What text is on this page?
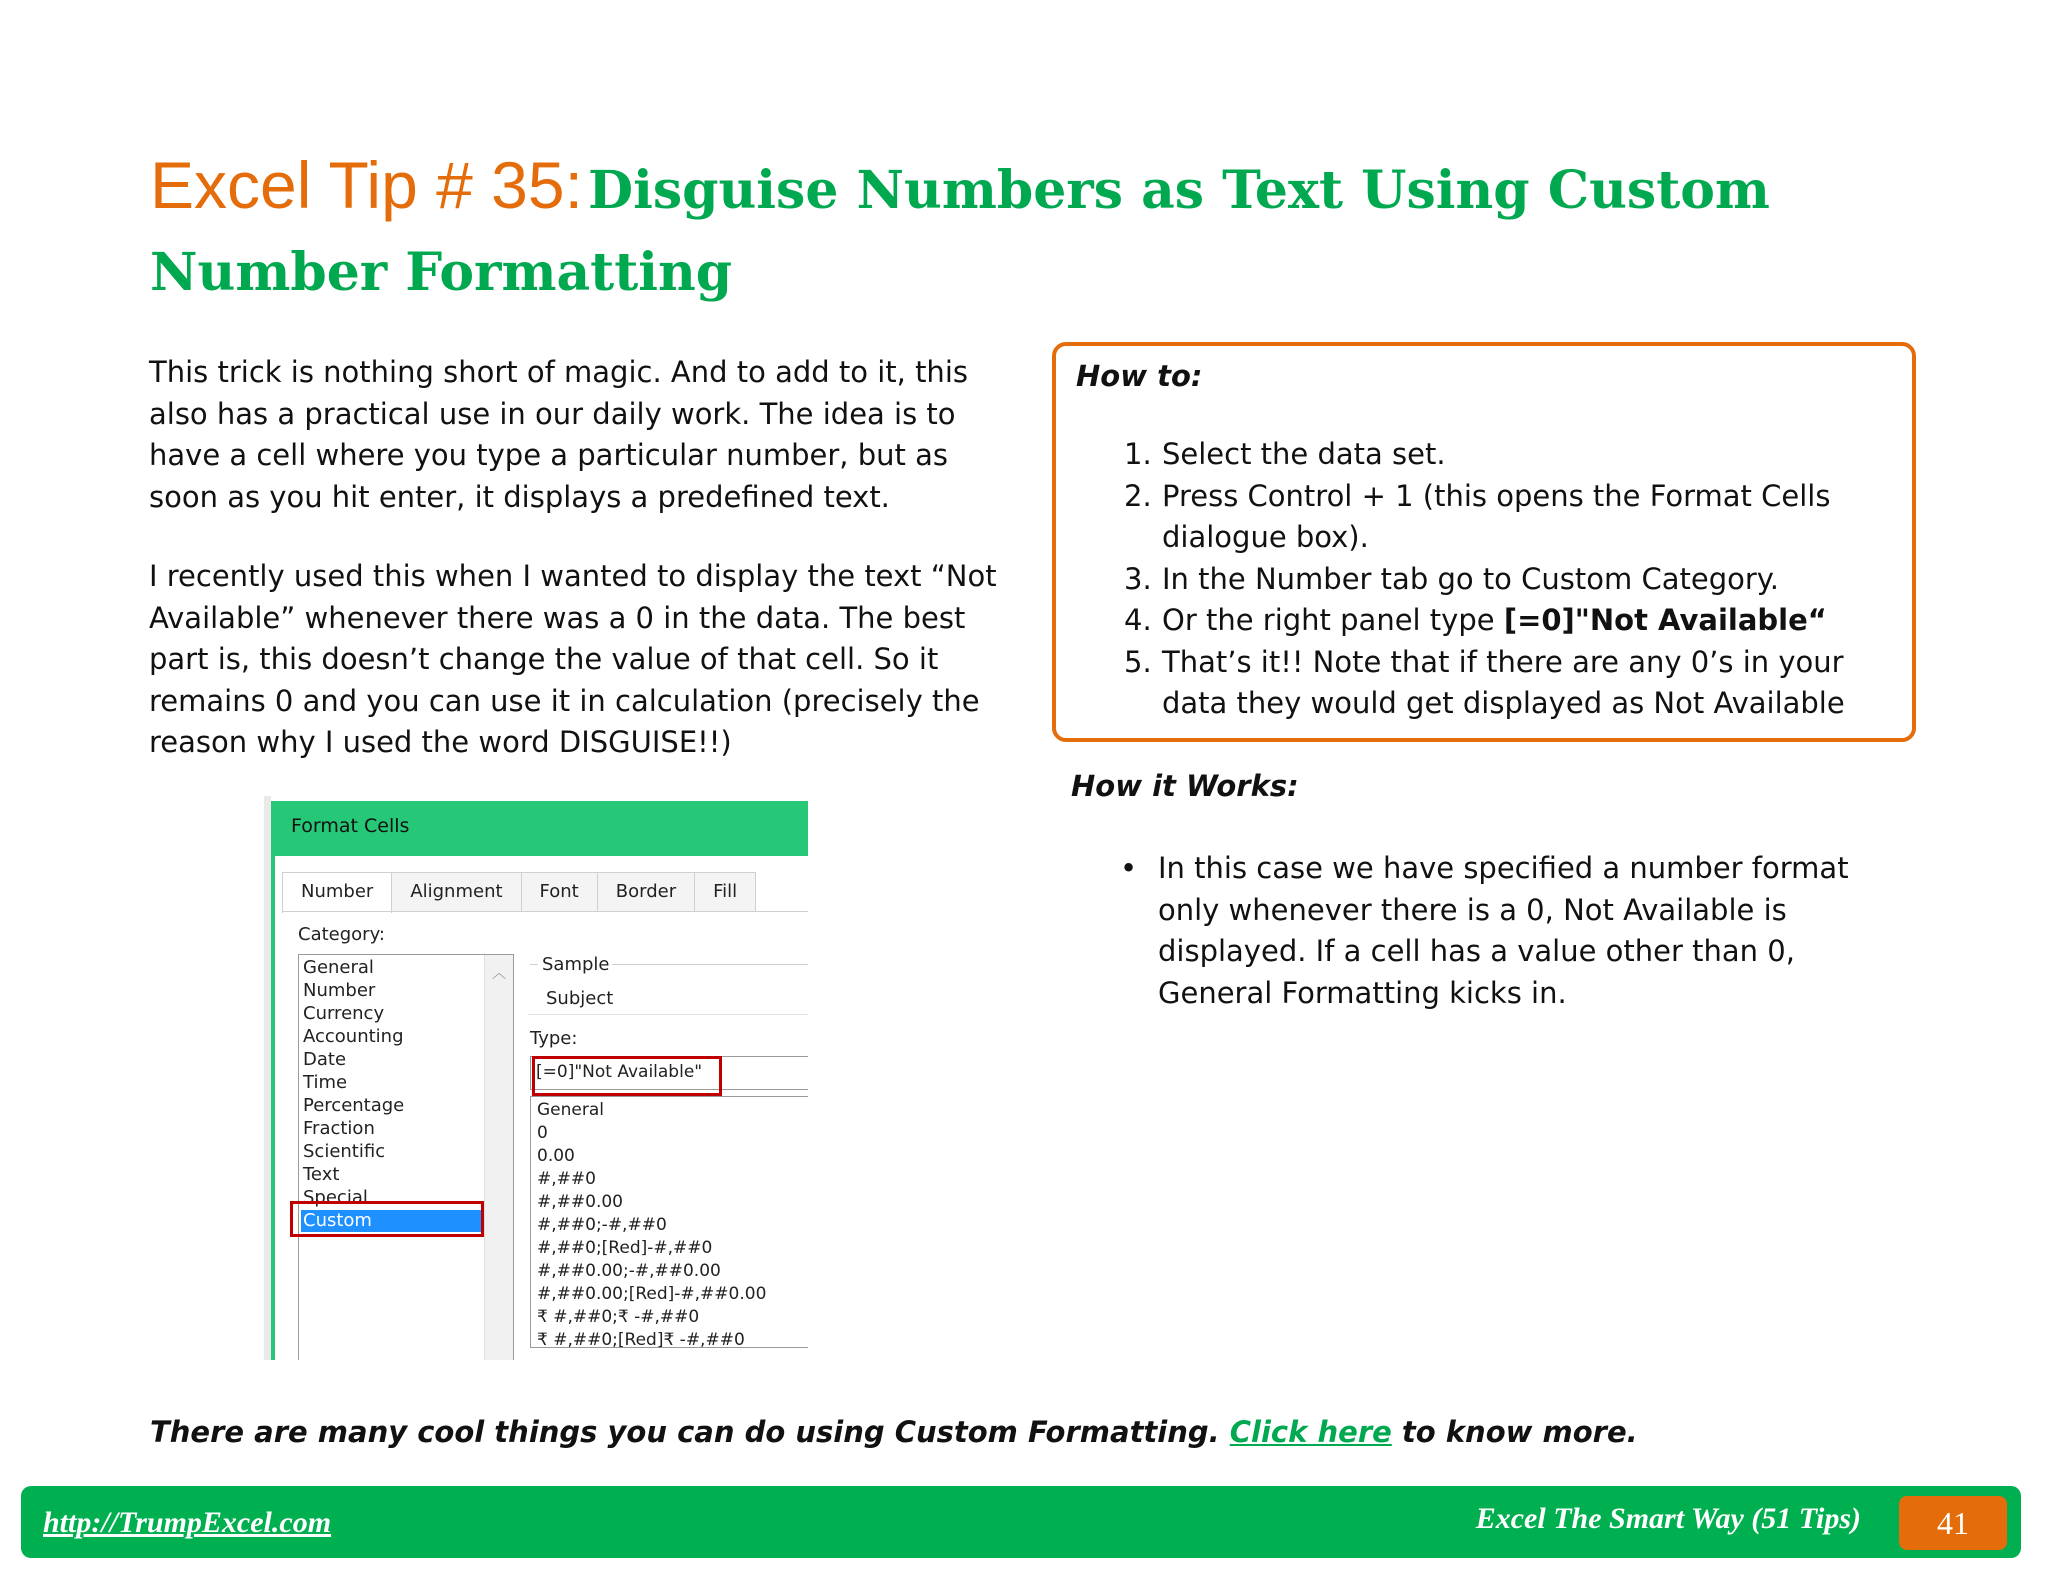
Excel Tip # 35: Disguise Numbers as Text Using Custom Number Formatting

This trick is nothing short of magic. And to add to it, this also has a practical use in our daily work. The idea is to have a cell where you type a particular number, but as soon as you hit enter, it displays a predefined text.

I recently used this when I wanted to display the text “Not Available” whenever there was a 0 in the data. The best part is, this doesn’t change the value of that cell. So it remains 0 and you can use it in calculation (precisely the reason why I used the word DISGUISE!!)

How to:
1. Select the data set.
2. Press Control + 1 (this opens the Format Cells dialogue box).
3. In the Number tab go to Custom Category.
4. Or the right panel type [=0]"Not Available“
5. That’s it!! Note that if there are any 0’s in your data they would get displayed as Not Available
How it Works:
• In this case we have specified a number format only whenever there is a 0, Not Available is displayed. If a cell has a value other than 0, General Formatting kicks in.
Format Cells
Number	Alignment	Font	Border	Fill
Category:
︿
General
Number
Currency
Accounting
Date
Time
Percentage
Fraction
Scientific
Text
Special
Custom
Sample
Subject
Type:
[=0]"Not Available"
General
0
0.00
#,##0
#,##0.00
#,##0;-#,##0
#,##0;[Red]-#,##0
#,##0.00;-#,##0.00
#,##0.00;[Red]-#,##0.00
₹ #,##0;₹ -#,##0
₹ #,##0;[Red]₹ -#,##0
There are many cool things you can do using Custom Formatting. Click here to know more.
http://TrumpExcel.com	Excel The Smart Way (51 Tips)	41
